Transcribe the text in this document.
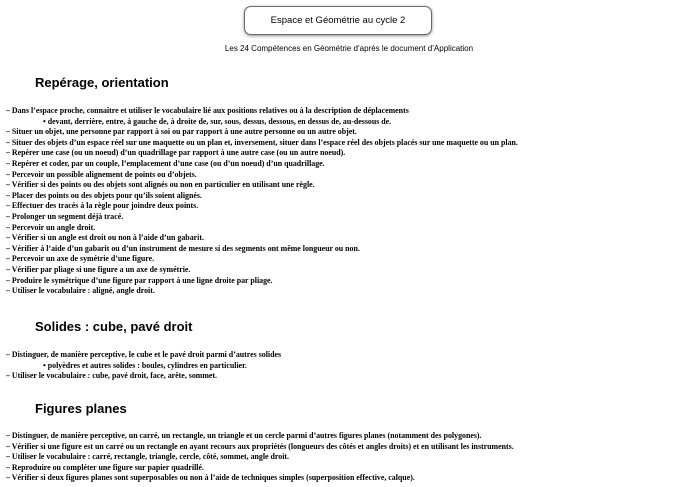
Espace et Géométrie au cycle 2
Les 24 Compétences en Géométrie d’après le document d’Application
Repérage, orientation
– Dans l’espace proche, connaître et utiliser le vocabulaire lié aux positions relatives ou à la description de déplacements
• devant, derrière, entre, à gauche de, à droite de, sur, sous, dessus, dessous, en dessus de, au-dessous de.
– Situer un objet, une personne par rapport à soi ou par rapport à une autre personne ou un autre objet.
– Situer des objets d’un espace réel sur une maquette ou un plan et, inversement, situer dans l’espace réel des objets placés sur une maquette ou un plan.
– Repérer une case (ou un noeud) d’un quadrillage par rapport à une autre case (ou un autre noeud).
– Repérer et coder, par un couple, l’emplacement d’une case (ou d’un noeud) d’un quadrillage.
– Percevoir un possible alignement de points ou d’objets.
– Vérifier si des points ou des objets sont alignés ou non en particulier en utilisant une règle.
– Placer des points ou des objets pour qu’ils soient alignés.
– Effectuer des tracés à la règle pour joindre deux points.
– Prolonger un segment déjà tracé.
– Percevoir un angle droit.
– Vérifier si un angle est droit ou non à l’aide d’un gabarit.
– Vérifier à l’aide d’un gabarit ou d’un instrument de mesure si des segments ont même longueur ou non.
– Percevoir un axe de symétrie d’une figure.
– Vérifier par pliage si une figure a un axe de symétrie.
– Produire le symétrique d’une figure par rapport à une ligne droite par pliage.
– Utiliser le vocabulaire : aligné, angle droit.
Solides : cube, pavé droit
– Distinguer, de manière perceptive, le cube et le pavé droit parmi d’autres solides
• polyèdres et autres solides : boules, cylindres en particulier.
– Utiliser le vocabulaire : cube, pavé droit, face, arête, sommet.
Figures planes
– Distinguer, de manière perceptive, un carré, un rectangle, un triangle et un cercle parmi d’autres figures planes (notamment des polygones).
– Vérifier si une figure est un carré ou un rectangle en ayant recours aux propriétés (longueurs des côtés et angles droits) et en utilisant les instruments.
– Utiliser le vocabulaire : carré, rectangle, triangle, cercle, côté, sommet, angle droit.
– Reproduire ou compléter une figure sur papier quadrillé.
– Vérifier si deux figures planes sont superposables ou non à l’aide de techniques simples (superposition effective, calque).
